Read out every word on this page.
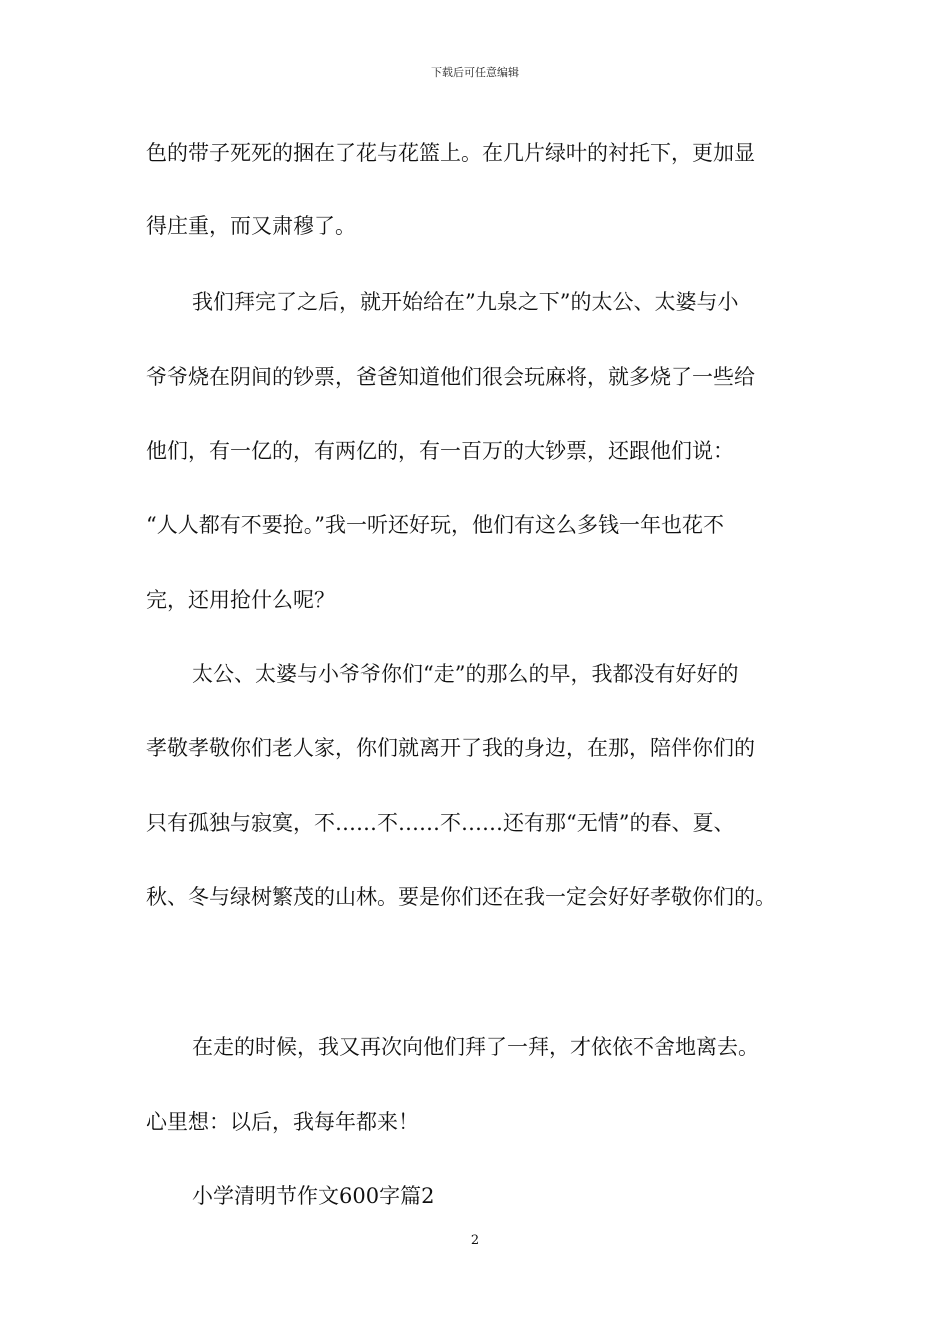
下载后可任意编辑
色的带子死死的捆在了花与花篮上。在几片绿叶的衬托下，更加显
得庄重，而又肃穆了。
我们拜完了之后，就开始给在”九泉之下”的太公、太婆与小
爷爷烧在阴间的钞票，爸爸知道他们很会玩麻将，就多烧了一些给
他们，有一亿的，有两亿的，有一百万的大钞票，还跟他们说：
“人人都有不要抢。”我一听还好玩，他们有这么多钱一年也花不
完，还用抢什么呢？
太公、太婆与小爷爷你们“走”的那么的早，我都没有好好的
孝敬孝敬你们老人家，你们就离开了我的身边，在那，陪伴你们的
只有孤独与寂寞，不……不……不……还有那“无情”的春、夏、
秋、冬与绿树繁茂的山林。要是你们还在我一定会好好孝敬你们的。
在走的时候，我又再次向他们拜了一拜，才依依不舍地离去。
心里想：以后，我每年都来！
小学清明节作文600字篇2
2
